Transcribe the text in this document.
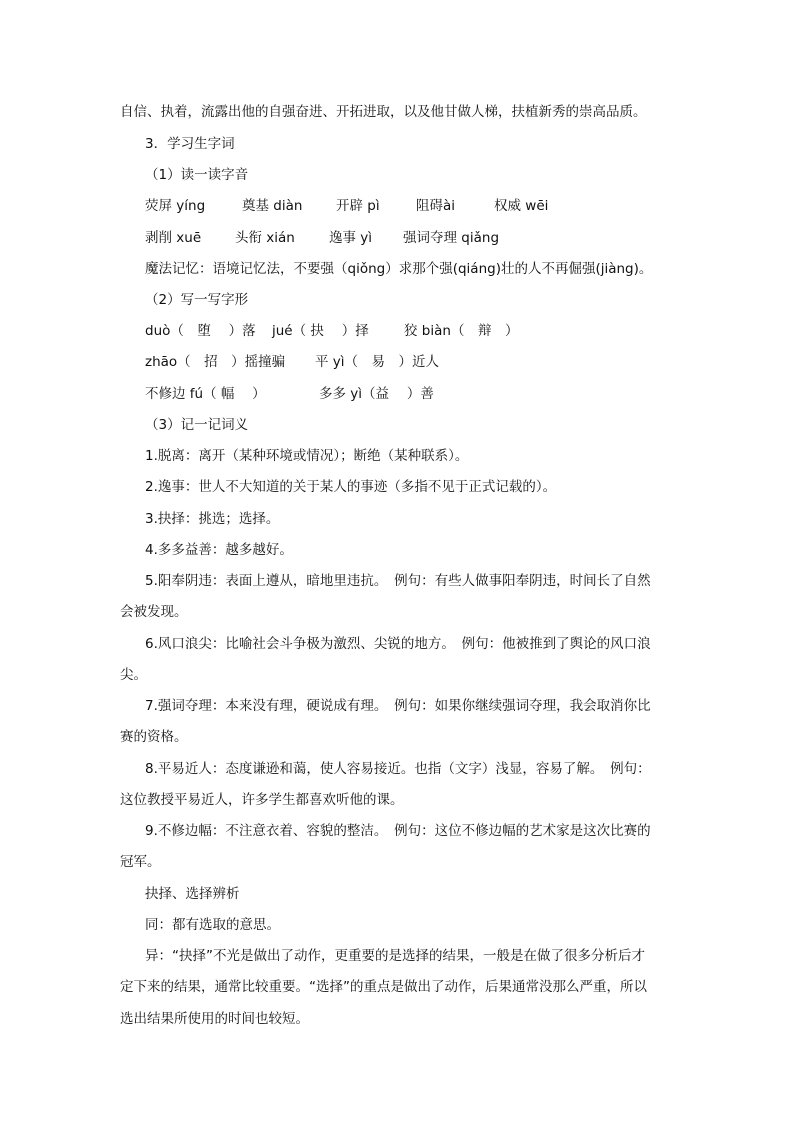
自信、执着，流露出他的自强奋进、开拓进取，以及他甘做人梯，扶植新秀的崇高品质。
3．学习生字词
（1）读一读字音
荧屏 yíng	奠基 diàn 开辟 pì	阻碍ài	权威 wēi
剥削 xuē	头衔 xián	逸事 yì 强词夺理 qiǎng
魔法记忆：语境记忆法，不要强（qiǒng）求那个强(qiáng)壮的人不再倔强(jiàng)。
（2）写一写字形
duò（　堕　 ）落 jué（ 抉　 ）择	狡 biàn（　辩　）
zhāo（　招　）摇撞骗 平 yì（　易　）近人
不修边 fú（ 幅　 ）	多多 yì（益　 ）善
（3）记一记词义
1.脱离：离开（某种环境或情况）；断绝（某种联系）。
2.逸事：世人不大知道的关于某人的事迹（多指不见于正式记载的）。
3.抉择：挑选；选择。
4.多多益善：越多越好。
5.阳奉阴违：表面上遵从，暗地里违抗。　例句：有些人做事阳奉阴违，时间长了自然
会被发现。
6.风口浪尖：比喻社会斗争极为激烈、尖锐的地方。　例句：他被推到了舆论的风口浪
尖。
7.强词夺理：本来没有理，硬说成有理。　例句：如果你继续强词夺理，我会取消你比
赛的资格。
8.平易近人：态度谦逊和蔼，使人容易接近。也指（文字）浅显，容易了解。　例句：
这位教授平易近人，许多学生都喜欢听他的课。
9.不修边幅：不注意衣着、容貌的整洁。　例句：这位不修边幅的艺术家是这次比赛的
冠军。
抉择、选择辨析
同：都有选取的意思。
异：“抉择”不光是做出了动作，更重要的是选择的结果，一般是在做了很多分析后才
定下来的结果，通常比较重要。“选择”的重点是做出了动作，后果通常没那么严重，所以
选出结果所使用的时间也较短。
